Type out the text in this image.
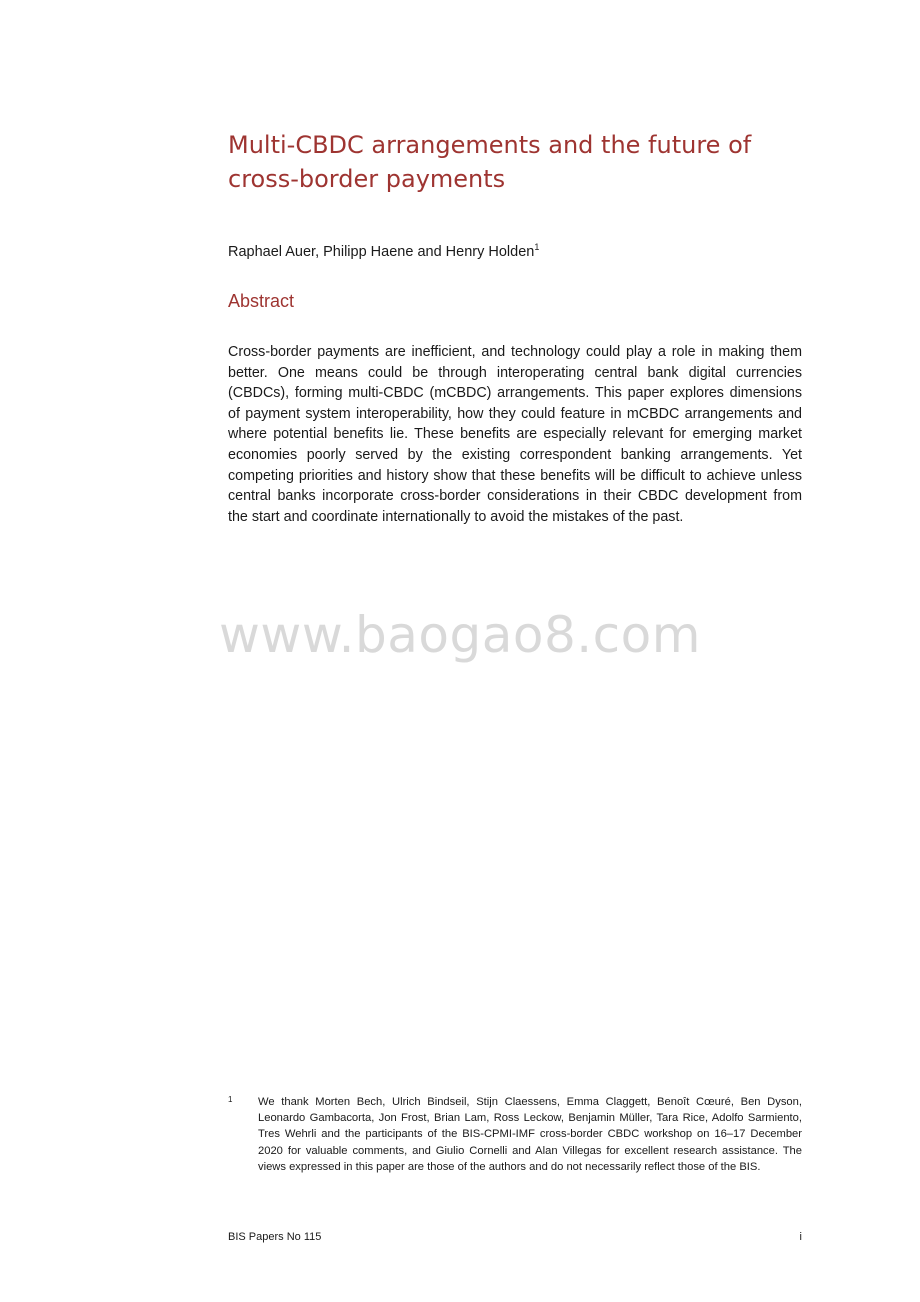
Multi-CBDC arrangements and the future of cross-border payments
Raphael Auer, Philipp Haene and Henry Holden$^1$
Abstract

Cross-border payments are inefficient, and technology could play a role in making them better. One means could be through interoperating central bank digital currencies (CBDCs), forming multi-CBDC (mCBDC) arrangements. This paper explores dimensions of payment system interoperability, how they could feature in mCBDC arrangements and where potential benefits lie. These benefits are especially relevant for emerging market economies poorly served by the existing correspondent banking arrangements. Yet competing priorities and history show that these benefits will be difficult to achieve unless central banks incorporate cross-border considerations in their CBDC development from the start and coordinate internationally to avoid the mistakes of the past.

www.baogao8.com
1 We thank Morten Bech, Ulrich Bindseil, Stijn Claessens, Emma Claggett, Benoît Cœuré, Ben Dyson, Leonardo Gambacorta, Jon Frost, Brian Lam, Ross Leckow, Benjamin Müller, Tara Rice, Adolfo Sarmiento, Tres Wehrli and the participants of the BIS-CPMI-IMF cross-border CBDC workshop on 16–17 December 2020 for valuable comments, and Giulio Cornelli and Alan Villegas for excellent research assistance. The views expressed in this paper are those of the authors and do not necessarily reflect those of the BIS.

BIS Papers No 115	i
